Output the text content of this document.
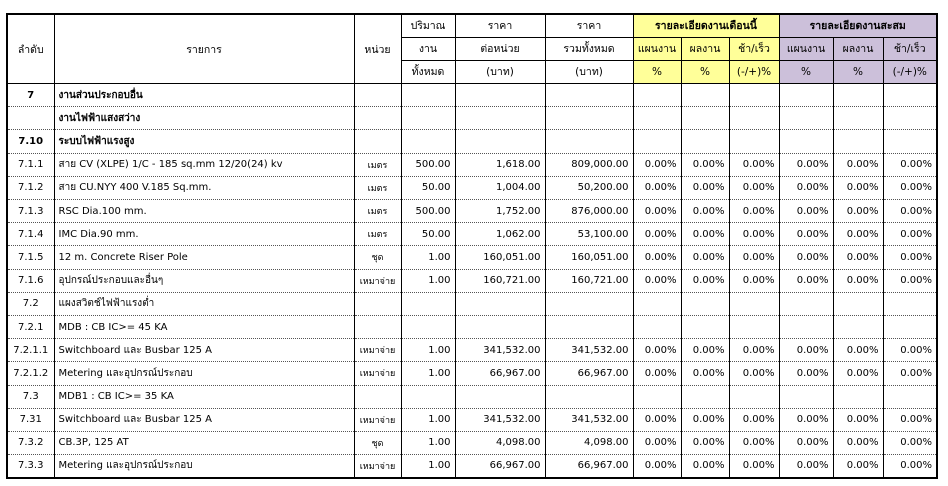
ลำดับ	รายการ	หน่วย	ปริมาณ	ราคา	ราคา	รายละเอียดงานเดือนนี้			รายละเอียดงานสะสม		
			งาน	ต่อหน่วย	รวมทั้งหมด	แผนงาน	ผลงาน	ช้า/เร็ว	แผนงาน	ผลงาน	ช้า/เร็ว
			ทั้งหมด	(บาท)	(บาท)	%	%	(-/+)%	%	%	(-/+)%
7	งานส่วนประกอบอื่น										
	งานไฟฟ้าแสงสว่าง										
7.10	ระบบไฟฟ้าแรงสูง										
7.1.1	สาย CV (XLPE) 1/C - 185 sq.mm 12/20(24) kv	เมตร	500.00	1,618.00	809,000.00	0.00%	0.00%	0.00%	0.00%	0.00%	0.00%
7.1.2	สาย CU.NYY 400 V.185 Sq.mm.	เมตร	50.00	1,004.00	50,200.00	0.00%	0.00%	0.00%	0.00%	0.00%	0.00%
7.1.3	RSC Dia.100 mm.	เมตร	500.00	1,752.00	876,000.00	0.00%	0.00%	0.00%	0.00%	0.00%	0.00%
7.1.4	IMC Dia.90 mm.	เมตร	50.00	1,062.00	53,100.00	0.00%	0.00%	0.00%	0.00%	0.00%	0.00%
7.1.5	12 m. Concrete Riser Pole	ชุด	1.00	160,051.00	160,051.00	0.00%	0.00%	0.00%	0.00%	0.00%	0.00%
7.1.6	อุปกรณ์ประกอบและอื่นๆ	เหมาจ่าย	1.00	160,721.00	160,721.00	0.00%	0.00%	0.00%	0.00%	0.00%	0.00%
7.2	แผงสวิตช์ไฟฟ้าแรงต่ำ										
7.2.1	MDB : CB IC>= 45 KA										
7.2.1.1	Switchboard และ Busbar 125 A	เหมาจ่าย	1.00	341,532.00	341,532.00	0.00%	0.00%	0.00%	0.00%	0.00%	0.00%
7.2.1.2	Metering และอุปกรณ์ประกอบ	เหมาจ่าย	1.00	66,967.00	66,967.00	0.00%	0.00%	0.00%	0.00%	0.00%	0.00%
7.3	MDB1 : CB IC>= 35 KA										
7.31	Switchboard และ Busbar 125 A	เหมาจ่าย	1.00	341,532.00	341,532.00	0.00%	0.00%	0.00%	0.00%	0.00%	0.00%
7.3.2	CB.3P, 125 AT	ชุด	1.00	4,098.00	4,098.00	0.00%	0.00%	0.00%	0.00%	0.00%	0.00%
7.3.3	Metering และอุปกรณ์ประกอบ	เหมาจ่าย	1.00	66,967.00	66,967.00	0.00%	0.00%	0.00%	0.00%	0.00%	0.00%
